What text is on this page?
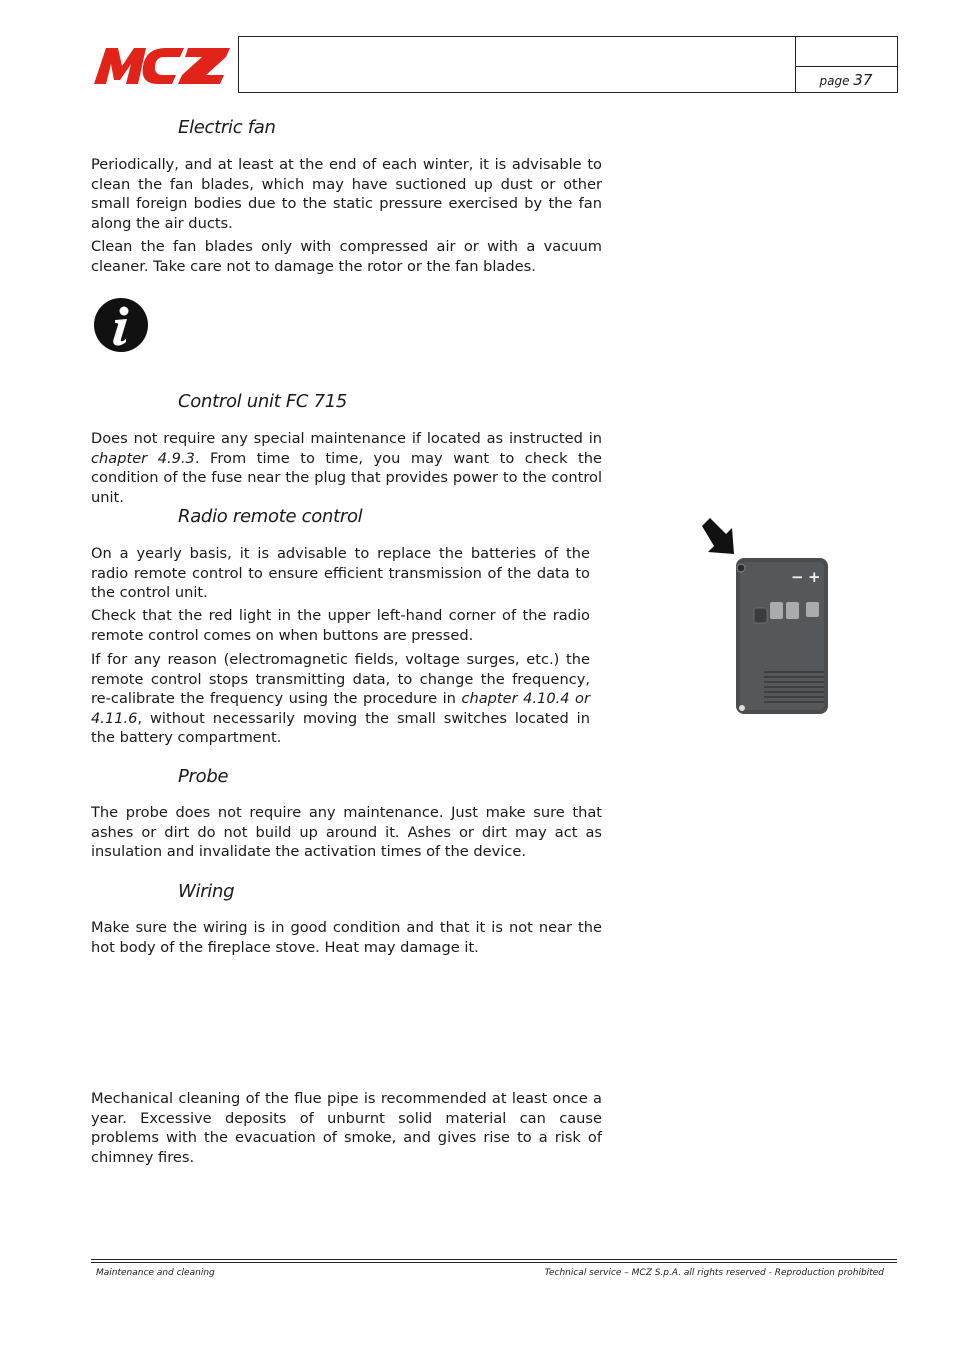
page 37
Electric fan

Periodically, and at least at the end of each winter, it is advisable to clean the fan blades, which may have suctioned up dust or other small foreign bodies due to the static pressure exercised by the fan along the air ducts.

Clean the fan blades only with compressed air or with a vacuum cleaner. Take care not to damage the rotor or the fan blades.

Control unit FC 715

Does not require any special maintenance if located as instructed in chapter 4.9.3. From time to time, you may want to check the condition of the fuse near the plug that provides power to the control unit.

Radio remote control

On a yearly basis, it is advisable to replace the batteries of the radio remote control to ensure efficient transmission of the data to the control unit.

Check that the red light in the upper left-hand corner of the radio remote control comes on when buttons are pressed.

If for any reason (electromagnetic fields, voltage surges, etc.) the remote control stops transmitting data, to change the frequency, re-calibrate the frequency using the procedure in chapter 4.10.4 or 4.11.6, without necessarily moving the small switches located in the battery compartment.

− +
Probe

The probe does not require any maintenance. Just make sure that ashes or dirt do not build up around it. Ashes or dirt may act as insulation and invalidate the activation times of the device.

Wiring

Make sure the wiring is in good condition and that it is not near the hot body of the fireplace stove. Heat may damage it.

Mechanical cleaning of the flue pipe is recommended at least once a year. Excessive deposits of unburnt solid material can cause problems with the evacuation of smoke, and gives rise to a risk of chimney fires.

Maintenance and cleaning	Technical service – MCZ S.p.A. all rights reserved - Reproduction prohibited
